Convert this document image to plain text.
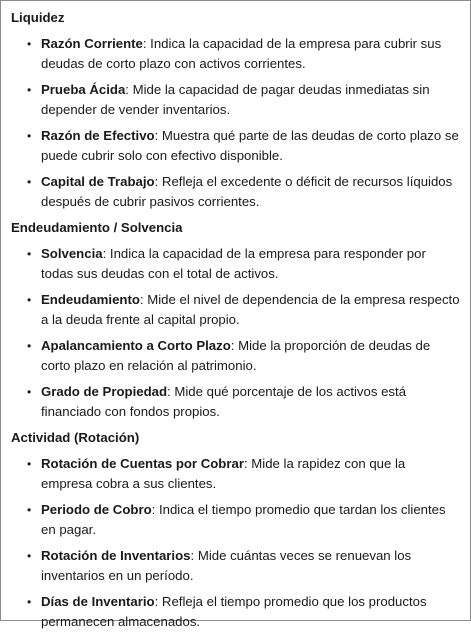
Liquidez
• Razón Corriente: Indica la capacidad de la empresa para cubrir sus deudas de corto plazo con activos corrientes.
• Prueba Ácida: Mide la capacidad de pagar deudas inmediatas sin depender de vender inventarios.
• Razón de Efectivo: Muestra qué parte de las deudas de corto plazo se puede cubrir solo con efectivo disponible.
• Capital de Trabajo: Refleja el excedente o déficit de recursos líquidos después de cubrir pasivos corrientes.
Endeudamiento / Solvencia
• Solvencia: Indica la capacidad de la empresa para responder por todas sus deudas con el total de activos.
• Endeudamiento: Mide el nivel de dependencia de la empresa respecto a la deuda frente al capital propio.
• Apalancamiento a Corto Plazo: Mide la proporción de deudas de corto plazo en relación al patrimonio.
• Grado de Propiedad: Mide qué porcentaje de los activos está financiado con fondos propios.
Actividad (Rotación)
• Rotación de Cuentas por Cobrar: Mide la rapidez con que la empresa cobra a sus clientes.
• Periodo de Cobro: Indica el tiempo promedio que tardan los clientes en pagar.
• Rotación de Inventarios: Mide cuántas veces se renuevan los inventarios en un período.
• Días de Inventario: Refleja el tiempo promedio que los productos permanecen almacenados.
